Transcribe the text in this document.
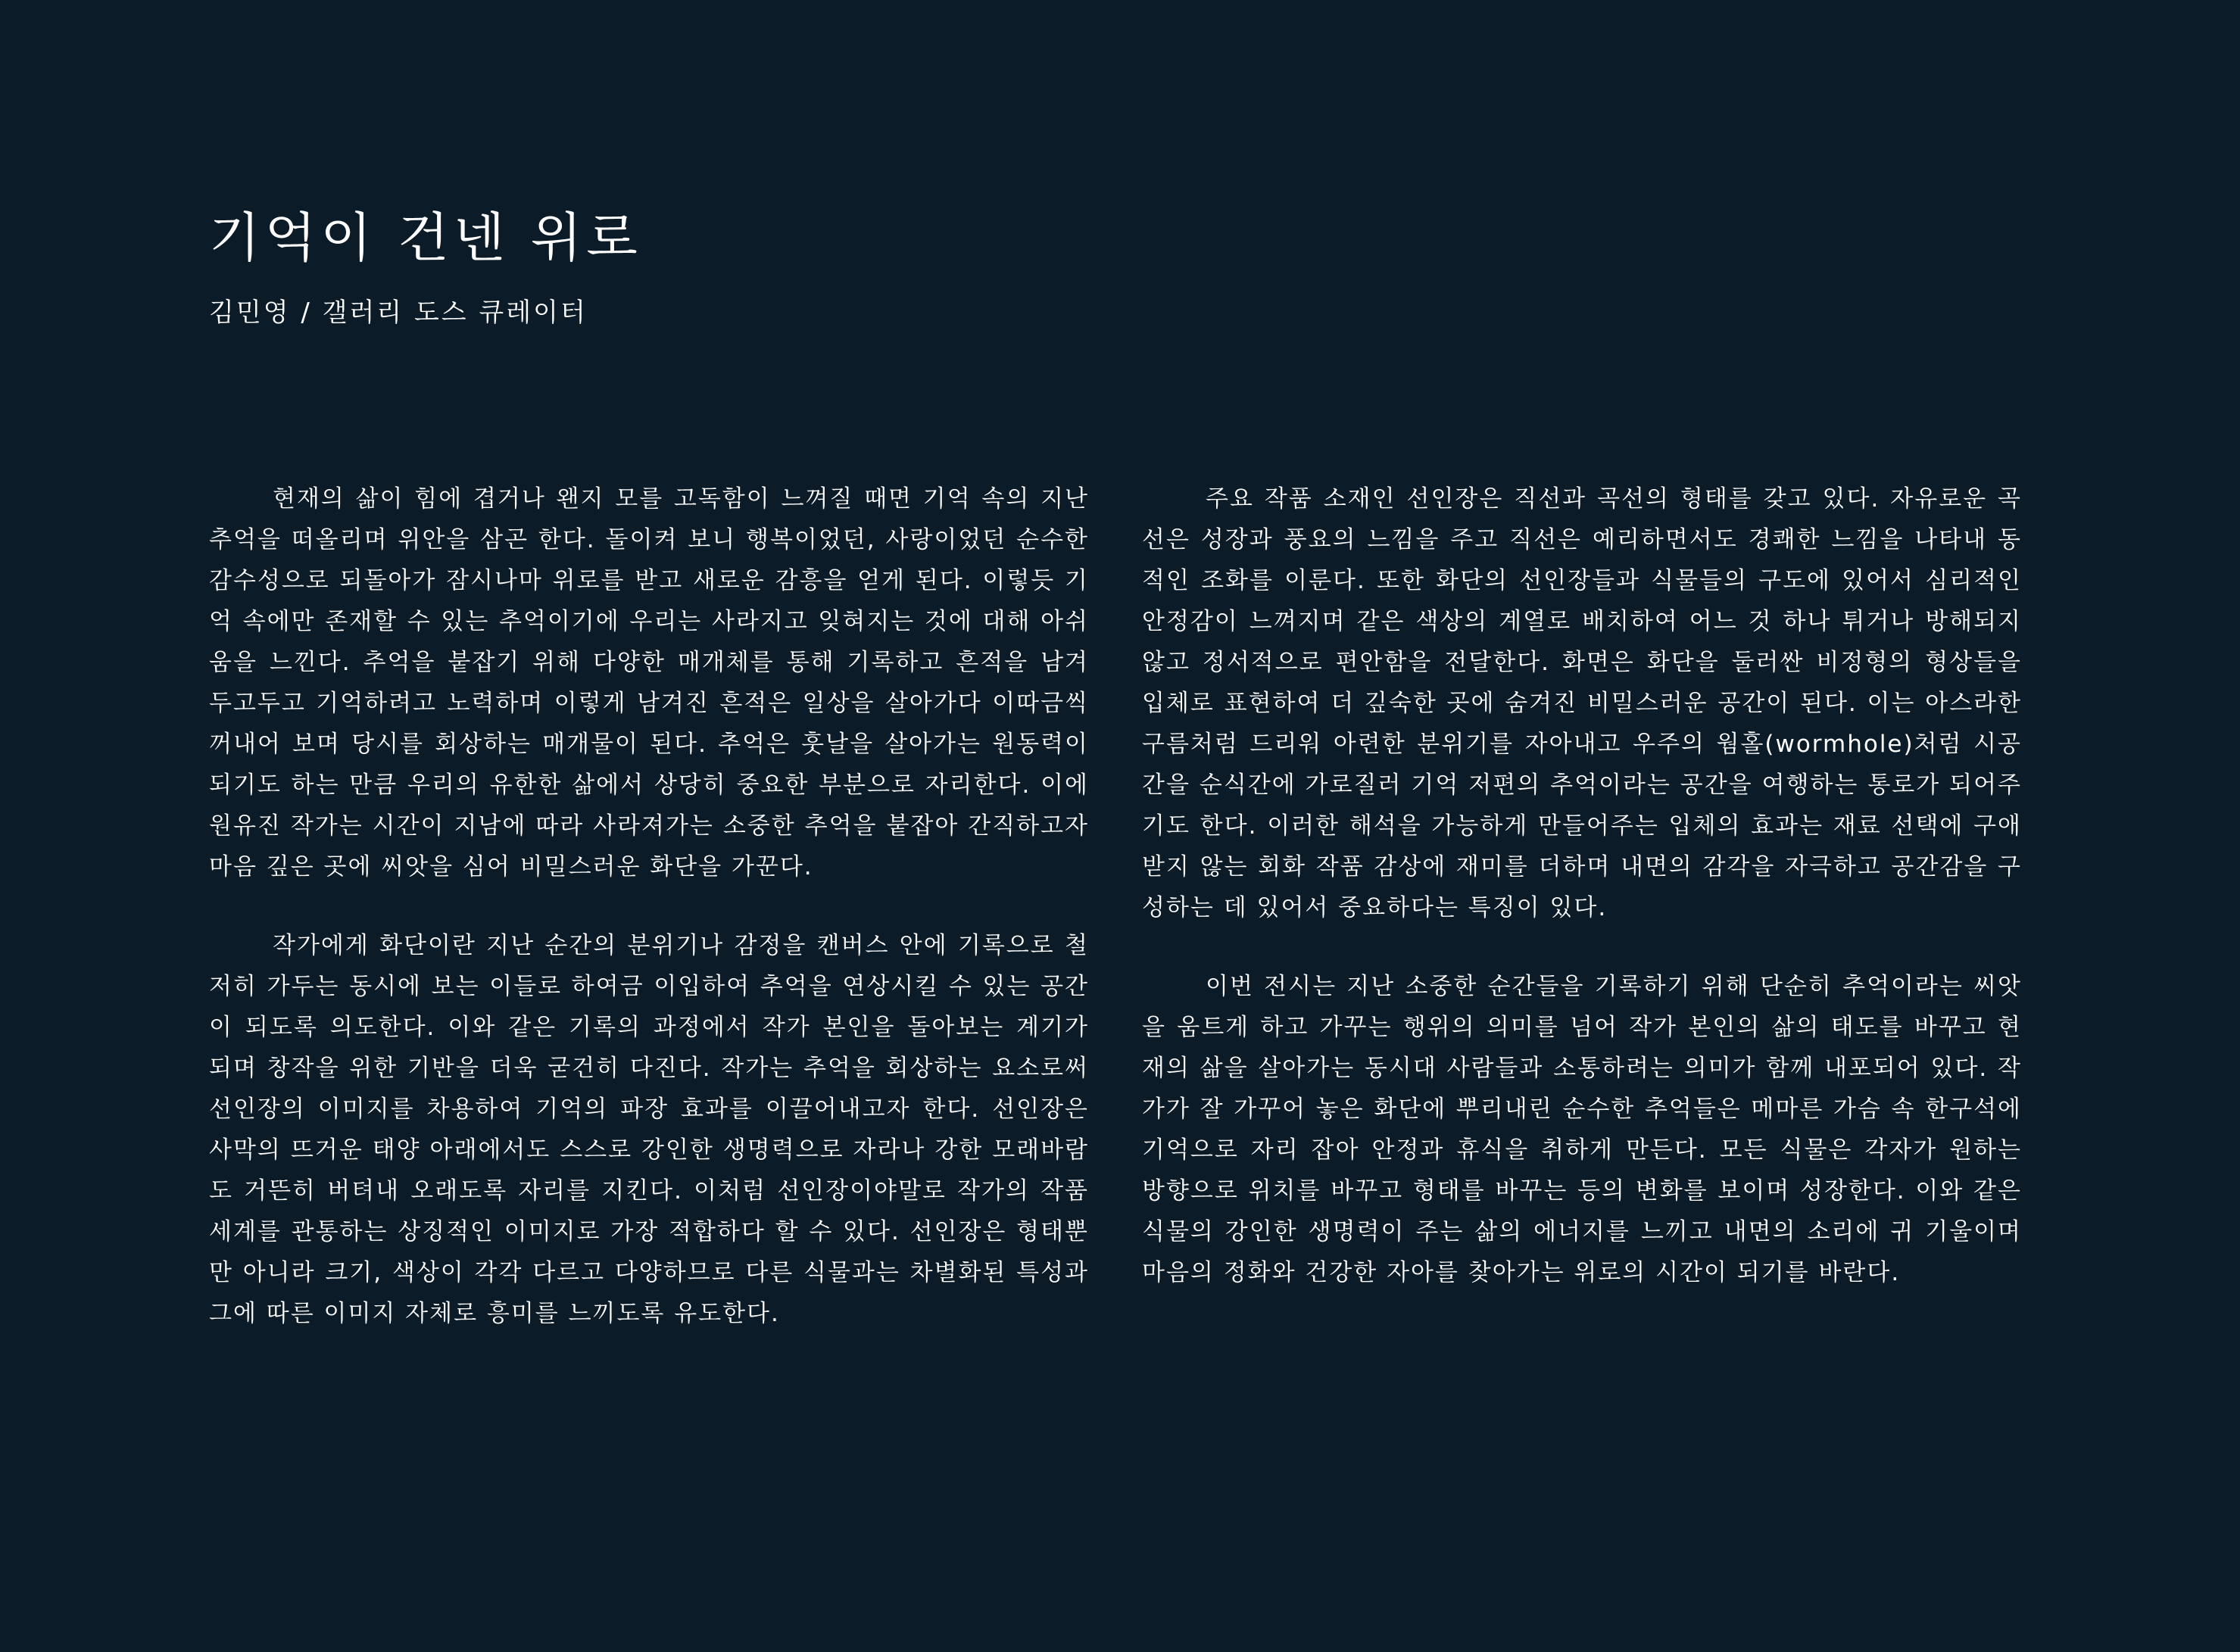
기억이 건넨 위로

김민영 / 갤러리 도스 큐레이터

현재의 삶이 힘에 겹거나 왠지 모를 고독함이 느껴질 때면 기억 속의 지난 추억을 떠올리며 위안을 삼곤 한다. 돌이켜 보니 행복이었던, 사랑이었던 순수한 감수성으로 되돌아가 잠시나마 위로를 받고 새로운 감흥을 얻게 된다. 이렇듯 기억 속에만 존재할 수 있는 추억이기에 우리는 사라지고 잊혀지는 것에 대해 아쉬움을 느낀다. 추억을 붙잡기 위해 다양한 매개체를 통해 기록하고 흔적을 남겨 두고두고 기억하려고 노력하며 이렇게 남겨진 흔적은 일상을 살아가다 이따금씩 꺼내어 보며 당시를 회상하는 매개물이 된다. 추억은 훗날을 살아가는 원동력이 되기도 하는 만큼 우리의 유한한 삶에서 상당히 중요한 부분으로 자리한다. 이에 원유진 작가는 시간이 지남에 따라 사라져가는 소중한 추억을 붙잡아 간직하고자 마음 깊은 곳에 씨앗을 심어 비밀스러운 화단을 가꾼다.

작가에게 화단이란 지난 순간의 분위기나 감정을 캔버스 안에 기록으로 철저히 가두는 동시에 보는 이들로 하여금 이입하여 추억을 연상시킬 수 있는 공간이 되도록 의도한다. 이와 같은 기록의 과정에서 작가 본인을 돌아보는 계기가 되며 창작을 위한 기반을 더욱 굳건히 다진다. 작가는 추억을 회상하는 요소로써 선인장의 이미지를 차용하여 기억의 파장 효과를 이끌어내고자 한다. 선인장은 사막의 뜨거운 태양 아래에서도 스스로 강인한 생명력으로 자라나 강한 모래바람도 거뜬히 버텨내 오래도록 자리를 지킨다. 이처럼 선인장이야말로 작가의 작품세계를 관통하는 상징적인 이미지로 가장 적합하다 할 수 있다. 선인장은 형태뿐만 아니라 크기, 색상이 각각 다르고 다양하므로 다른 식물과는 차별화된 특성과 그에 따른 이미지 자체로 흥미를 느끼도록 유도한다.

주요 작품 소재인 선인장은 직선과 곡선의 형태를 갖고 있다. 자유로운 곡선은 성장과 풍요의 느낌을 주고 직선은 예리하면서도 경쾌한 느낌을 나타내 동적인 조화를 이룬다. 또한 화단의 선인장들과 식물들의 구도에 있어서 심리적인 안정감이 느껴지며 같은 색상의 계열로 배치하여 어느 것 하나 튀거나 방해되지 않고 정서적으로 편안함을 전달한다. 화면은 화단을 둘러싼 비정형의 형상들을 입체로 표현하여 더 깊숙한 곳에 숨겨진 비밀스러운 공간이 된다. 이는 아스라한 구름처럼 드리워 아련한 분위기를 자아내고 우주의 웜홀(wormhole)처럼 시공간을 순식간에 가로질러 기억 저편의 추억이라는 공간을 여행하는 통로가 되어주기도 한다. 이러한 해석을 가능하게 만들어주는 입체의 효과는 재료 선택에 구애 받지 않는 회화 작품 감상에 재미를 더하며 내면의 감각을 자극하고 공간감을 구성하는 데 있어서 중요하다는 특징이 있다.

이번 전시는 지난 소중한 순간들을 기록하기 위해 단순히 추억이라는 씨앗을 움트게 하고 가꾸는 행위의 의미를 넘어 작가 본인의 삶의 태도를 바꾸고 현재의 삶을 살아가는 동시대 사람들과 소통하려는 의미가 함께 내포되어 있다. 작가가 잘 가꾸어 놓은 화단에 뿌리내린 순수한 추억들은 메마른 가슴 속 한구석에 기억으로 자리 잡아 안정과 휴식을 취하게 만든다. 모든 식물은 각자가 원하는 방향으로 위치를 바꾸고 형태를 바꾸는 등의 변화를 보이며 성장한다. 이와 같은 식물의 강인한 생명력이 주는 삶의 에너지를 느끼고 내면의 소리에 귀 기울이며 마음의 정화와 건강한 자아를 찾아가는 위로의 시간이 되기를 바란다.
